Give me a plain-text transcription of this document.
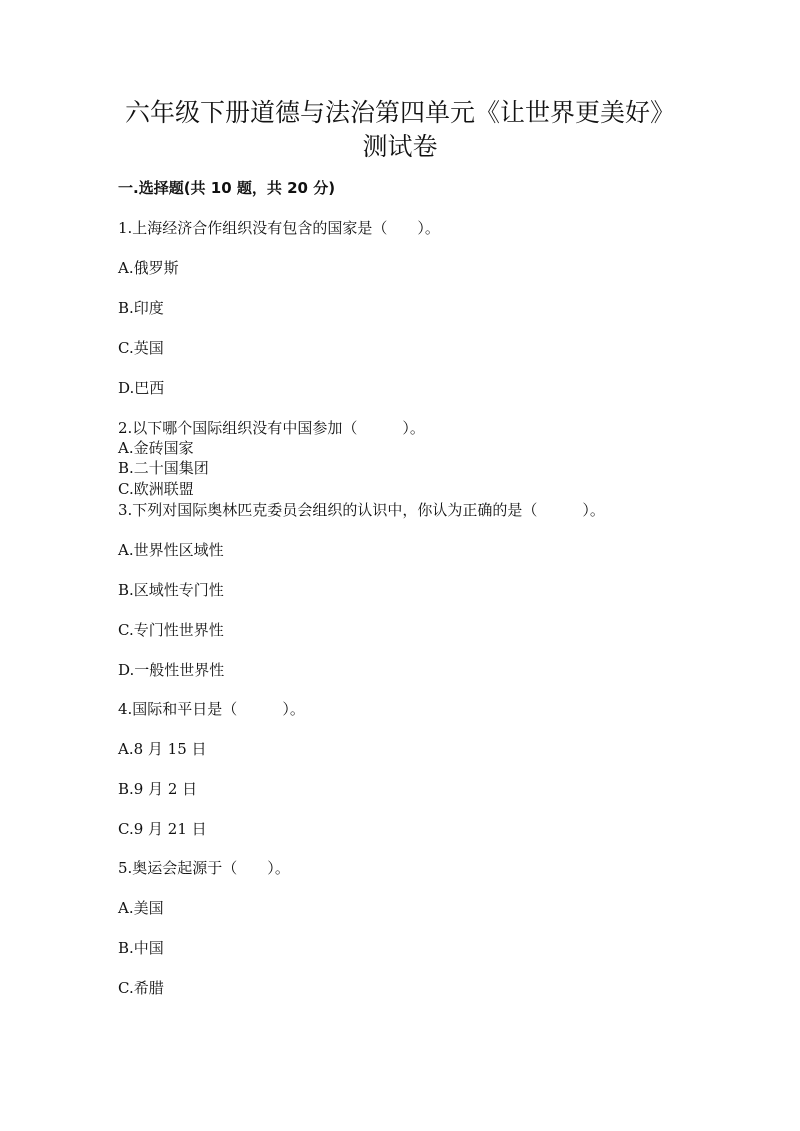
六年级下册道德与法治第四单元《让世界更美好》
测试卷
一.选择题(共 10 题，共 20 分)
1.上海经济合作组织没有包含的国家是（　　）。
A.俄罗斯
B.印度
C.英国
D.巴西
2.以下哪个国际组织没有中国参加（　　　）。
A.金砖国家
B.二十国集团
C.欧洲联盟
3.下列对国际奥林匹克委员会组织的认识中，你认为正确的是（　　　）。
A.世界性区域性
B.区域性专门性
C.专门性世界性
D.一般性世界性
4.国际和平日是（　　　）。
A.8 月 15 日
B.9 月 2 日
C.9 月 21 日
5.奥运会起源于（　　）。
A.美国
B.中国
C.希腊
